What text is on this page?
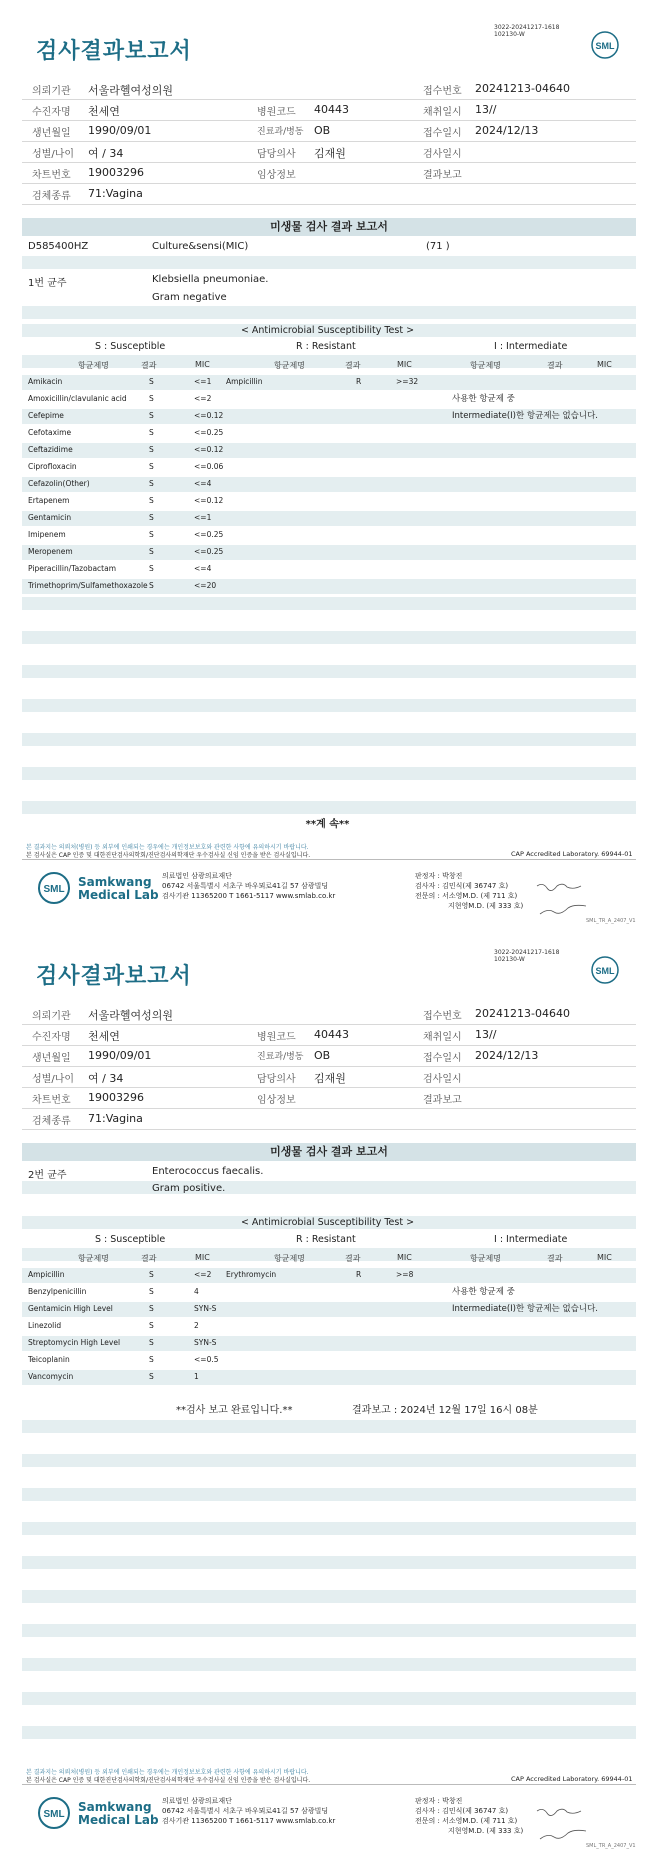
검사결과보고서
3022-20241217-1618
102130-W
SML
의뢰기관 서울라헬여성의원	접수번호 20241213-04640
수진자명 천세연	병원코드 40443	채취일시 13//
생년월일 1990/09/01	진료과/병동 OB	접수일시 2024/12/13
성별/나이 여 / 34	담당의사 김재원	검사일시
차트번호 19003296	임상정보	결과보고
검체종류 71:Vagina
미생물 검사 결과 보고서
D585400HZ	Culture&sensi(MIC)	(71 )
1번 균주	Klebsiella pneumoniae.
Gram negative
< Antimicrobial Susceptibility Test >
S : Susceptible	R : Resistant	I : Intermediate
항균제명	결과	MIC	항균제명	결과	MIC	항균제명	결과	MIC
Amikacin	S	<=1 Ampicillin	R	>=32
Amoxicillin/clavulanic acid	S	<=2	사용한 항균제 중
Cefepime	S	<=0.12	Intermediate(I)한 항균제는 없습니다.
Cefotaxime	S	<=0.25
Ceftazidime	S	<=0.12
Ciprofloxacin	S	<=0.06
Cefazolin(Other)	S	<=4
Ertapenem	S	<=0.12
Gentamicin	S	<=1
Imipenem	S	<=0.25
Meropenem	S	<=0.25
Piperacillin/Tazobactam	S	<=4
Trimethoprim/Sulfamethoxazole S	<=20
**계 속**
본 결과지는 의뢰처(병원) 등 외부에 인쇄되는 경우에는 개인정보보호와 관련한 사항에 유의하시기 바랍니다.
본 검사실은 CAP 인증 및 대한진단검사의학회/진단검사의학재단 우수검사실 신임 인증을 받은 검사실입니다.	CAP Accredited Laboratory. 69944-01
SML
Samkwang
Medical Lab
의료법인 삼광의료재단
06742 서울특별시 서초구 바우뫼로41길 57 삼광빌딩
검사기관 11365200 T 1661-5117 www.smlab.co.kr
판정자 : 박창진
검사자 : 김민식(제 36747 호)
전문의 : 서소영M.D. (제 711 호)
지현영M.D. (제 333 호)
SML_TR_A_2407_V1
검사결과보고서
3022-20241217-1618
102130-W
SML
의뢰기관 서울라헬여성의원	접수번호 20241213-04640
수진자명 천세연	병원코드 40443	채취일시 13//
생년월일 1990/09/01	진료과/병동 OB	접수일시 2024/12/13
성별/나이 여 / 34	담당의사 김재원	검사일시
차트번호 19003296	임상정보	결과보고
검체종류 71:Vagina
미생물 검사 결과 보고서
2번 균주	Enterococcus faecalis.
Gram positive.
< Antimicrobial Susceptibility Test >
S : Susceptible	R : Resistant	I : Intermediate
항균제명	결과	MIC	항균제명	결과	MIC	항균제명	결과	MIC
Ampicillin	S	<=2 Erythromycin	R	>=8
Benzylpenicillin	S	4	사용한 항균제 중
Gentamicin High Level	S	SYN-S	Intermediate(I)한 항균제는 없습니다.
Linezolid	S	2
Streptomycin High Level	S	SYN-S
Teicoplanin	S	<=0.5
Vancomycin	S	1
**검사 보고 완료입니다.**	결과보고 : 2024년 12월 17일 16시 08분
본 결과지는 의뢰처(병원) 등 외부에 인쇄되는 경우에는 개인정보보호와 관련한 사항에 유의하시기 바랍니다.
본 검사실은 CAP 인증 및 대한진단검사의학회/진단검사의학재단 우수검사실 신임 인증을 받은 검사실입니다.	CAP Accredited Laboratory. 69944-01
SML
Samkwang
Medical Lab
의료법인 삼광의료재단
06742 서울특별시 서초구 바우뫼로41길 57 삼광빌딩
검사기관 11365200 T 1661-5117 www.smlab.co.kr
판정자 : 박창진
검사자 : 김민식(제 36747 호)
전문의 : 서소영M.D. (제 711 호)
지현영M.D. (제 333 호)
SML_TR_A_2407_V1
